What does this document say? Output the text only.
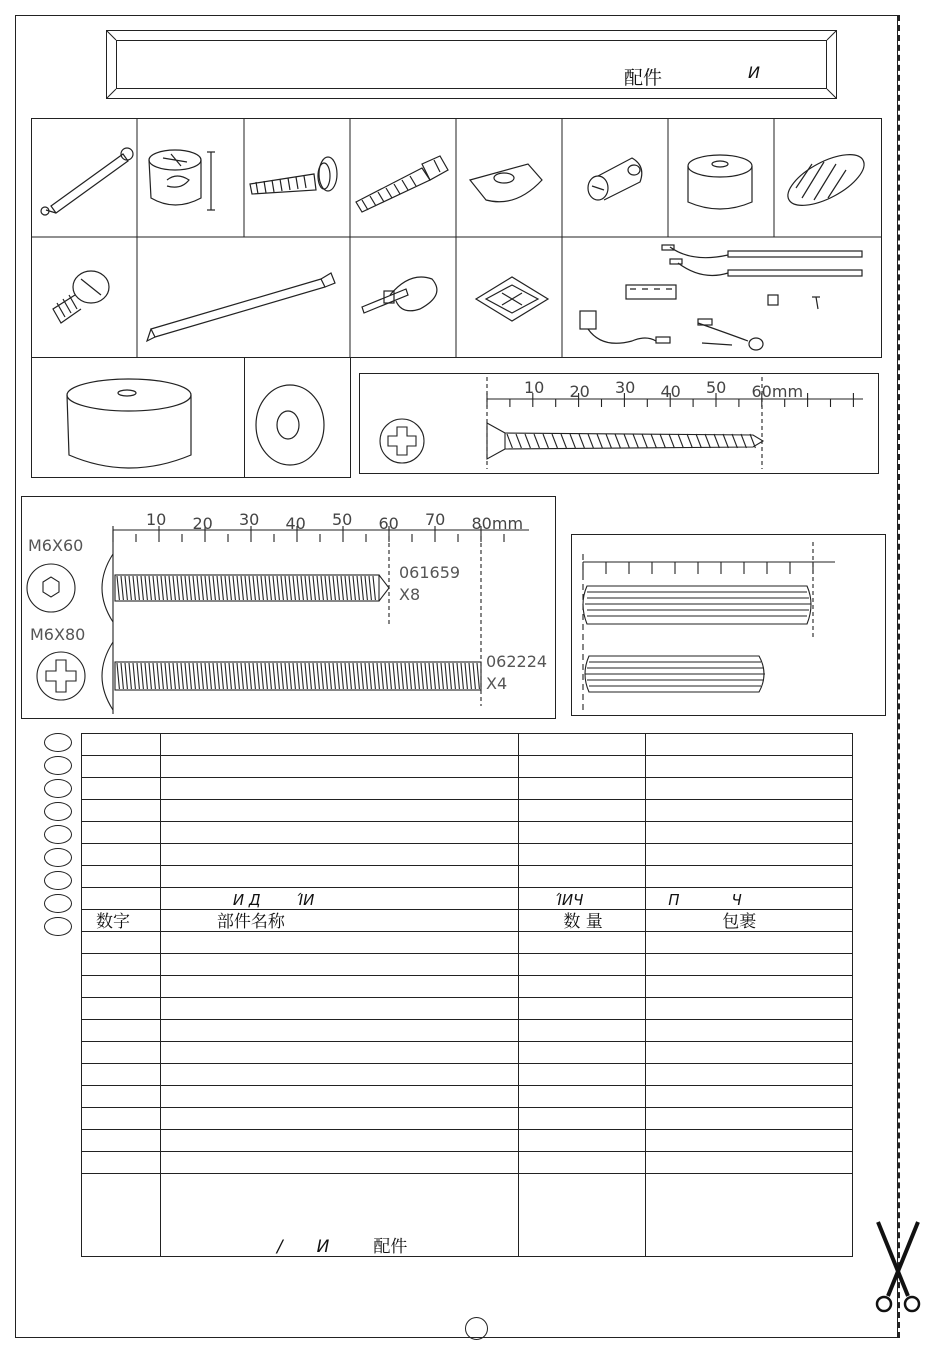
配件	И
10 20 30 40 50 60mm
10 20 30 40 50 60 70 80mm
M6X60
061659
X8
M6X80
062224
X4

	И Д ΊИ	ΊИЧ	Π Ч
数字	部件名称	数 量	包裹

	/ И 配件		
